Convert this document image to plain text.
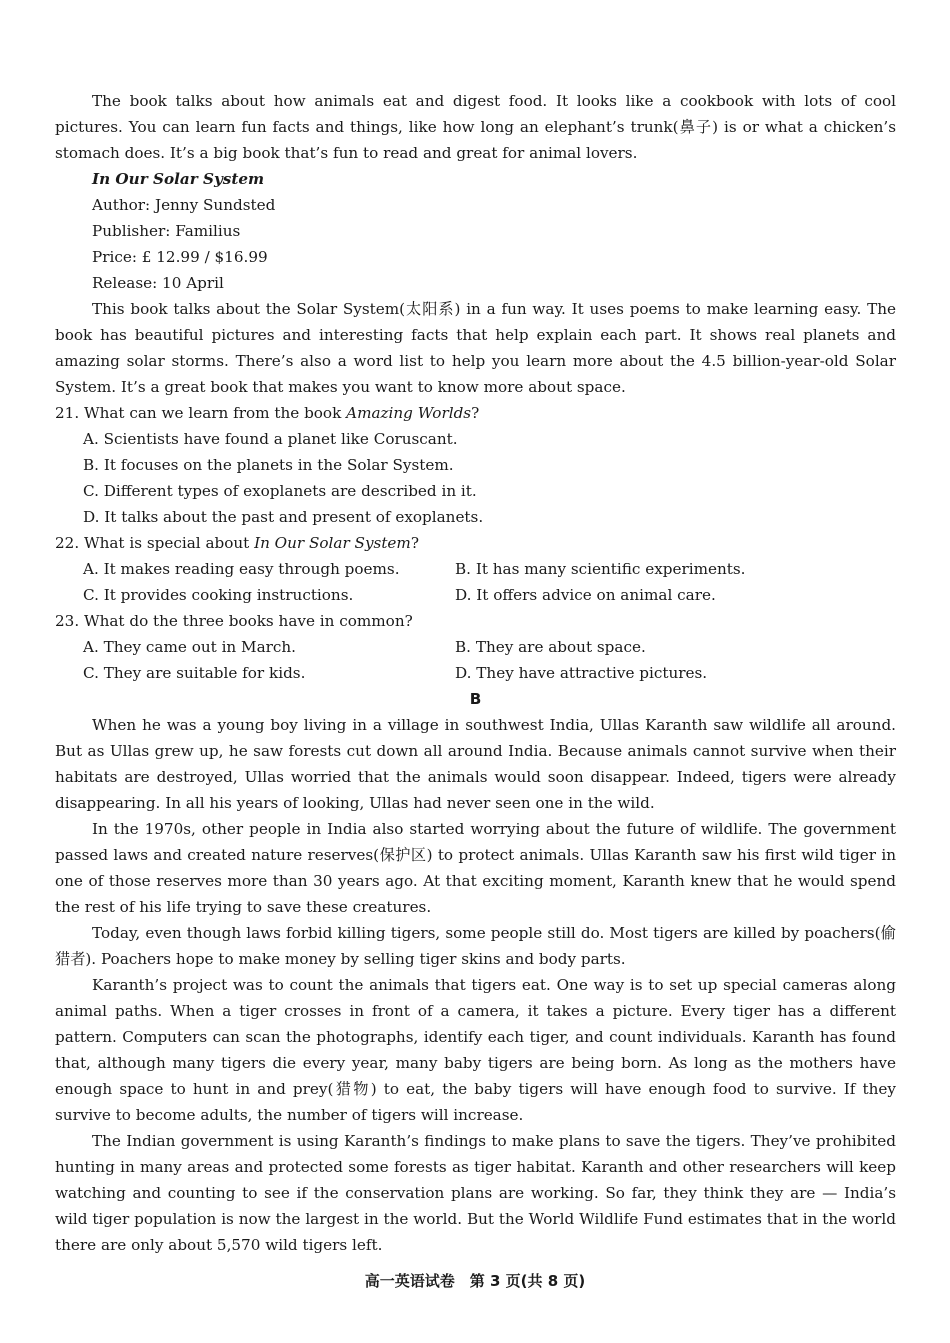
The book talks about how animals eat and digest food. It looks like a cookbook with lots of cool pictures. You can learn fun facts and things, like how long an elephant’s trunk(鼻子) is or what a chicken’s stomach does. It’s a big book that’s fun to read and great for animal lovers.

In Our Solar System

Author: Jenny Sundsted

Publisher: Familius

Price: £ 12.99 / $16.99

Release: 10 April

This book talks about the Solar System(太阳系) in a fun way. It uses poems to make learning easy. The book has beautiful pictures and interesting facts that help explain each part. It shows real planets and amazing solar storms. There’s also a word list to help you learn more about the 4.5 billion-year-old Solar System. It’s a great book that makes you want to know more about space.

21. What can we learn from the book Amazing Worlds?

A. Scientists have found a planet like Coruscant.

B. It focuses on the planets in the Solar System.

C. Different types of exoplanets are described in it.

D. It talks about the past and present of exoplanets.

22. What is special about In Our Solar System?

A. It makes reading easy through poems.	B. It has many scientific experiments.
C. It provides cooking instructions.	D. It offers advice on animal care.

23. What do the three books have in common?

A. They came out in March.	B. They are about space.
C. They are suitable for kids.	D. They have attractive pictures.
B

When he was a young boy living in a village in southwest India, Ullas Karanth saw wildlife all around. But as Ullas grew up, he saw forests cut down all around India. Because animals cannot survive when their habitats are destroyed, Ullas worried that the animals would soon disappear. Indeed, tigers were already disappearing. In all his years of looking, Ullas had never seen one in the wild.

In the 1970s, other people in India also started worrying about the future of wildlife. The government passed laws and created nature reserves(保护区) to protect animals. Ullas Karanth saw his first wild tiger in one of those reserves more than 30 years ago. At that exciting moment, Karanth knew that he would spend the rest of his life trying to save these creatures.

Today, even though laws forbid killing tigers, some people still do. Most tigers are killed by poachers(偷猎者). Poachers hope to make money by selling tiger skins and body parts.

Karanth’s project was to count the animals that tigers eat. One way is to set up special cameras along animal paths. When a tiger crosses in front of a camera, it takes a picture. Every tiger has a different pattern. Computers can scan the photographs, identify each tiger, and count individuals. Karanth has found that, although many tigers die every year, many baby tigers are being born. As long as the mothers have enough space to hunt in and prey(猎物) to eat, the baby tigers will have enough food to survive. If they survive to become adults, the number of tigers will increase.

The Indian government is using Karanth’s findings to make plans to save the tigers. They’ve prohibited hunting in many areas and protected some forests as tiger habitat. Karanth and other researchers will keep watching and counting to see if the conservation plans are working. So far, they think they are — India’s wild tiger population is now the largest in the world. But the World Wildlife Fund estimates that in the world there are only about 5,570 wild tigers left.

高一英语试卷　第 3 页(共 8 页)
